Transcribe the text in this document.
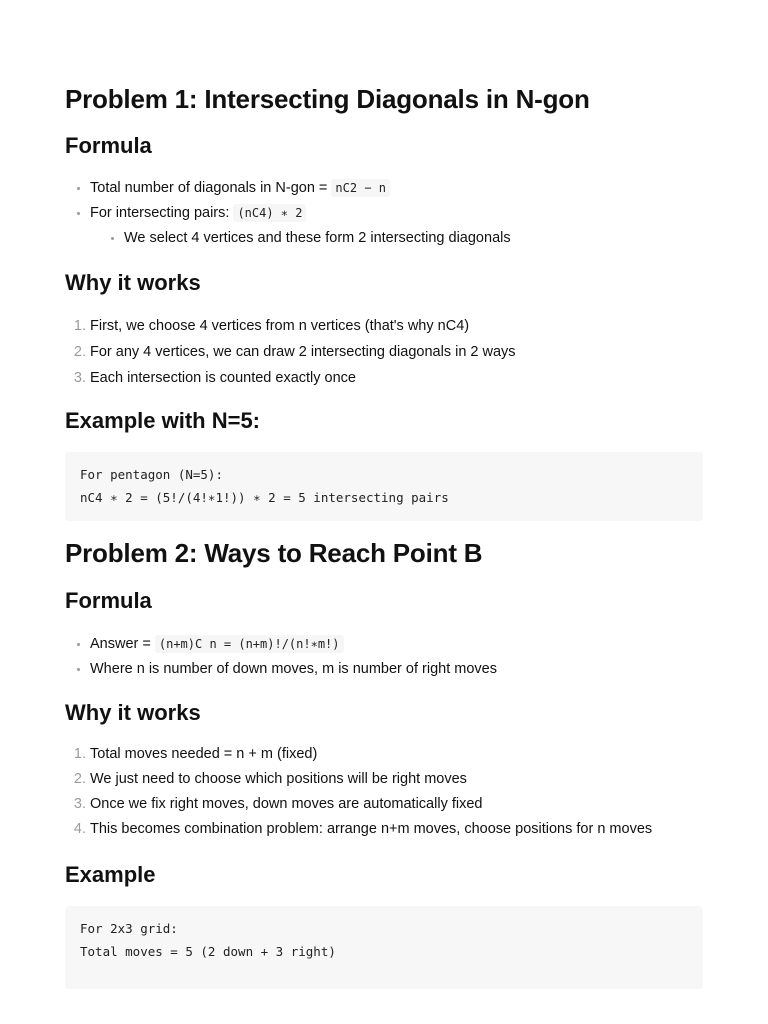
Problem 1: Intersecting Diagonals in N-gon
Formula
• Total number of diagonals in N-gon = nC2 − n
• For intersecting pairs: (nC4) ∗ 2
• We select 4 vertices and these form 2 intersecting diagonals
Why it works
1. First, we choose 4 vertices from n vertices (that's why nC4)
2. For any 4 vertices, we can draw 2 intersecting diagonals in 2 ways
3. Each intersection is counted exactly once
Example with N=5:
For pentagon (N=5):
nC4 ∗ 2 = (5!/(4!∗1!)) ∗ 2 = 5 intersecting pairs
Problem 2: Ways to Reach Point B
Formula
• Answer = (n+m)C n = (n+m)!/(n!∗m!)
• Where n is number of down moves, m is number of right moves
Why it works
1. Total moves needed = n + m (fixed)
2. We just need to choose which positions will be right moves
3. Once we fix right moves, down moves are automatically fixed
4. This becomes combination problem: arrange n+m moves, choose positions for n moves
Example
For 2x3 grid:
Total moves = 5 (2 down + 3 right)
